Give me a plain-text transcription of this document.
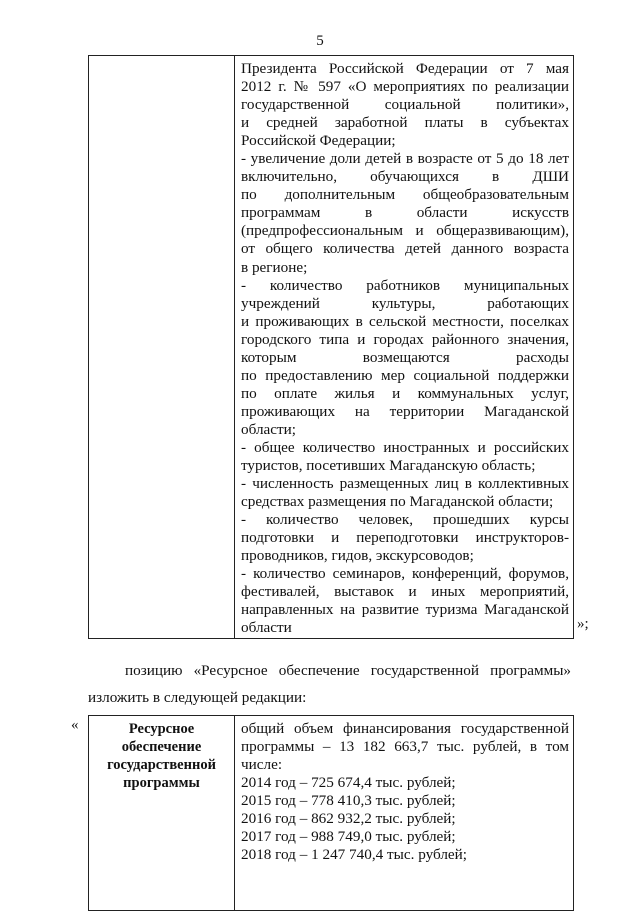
5

Президента Российской Федерации от 7 мая
2012 г. № 597 «О мероприятиях по реализации
государственной социальной политики»,
и средней заработной платы в субъектах
Российской Федерации;
- увеличение доли детей в возрасте от 5 до 18 лет
включительно, обучающихся в ДШИ
по дополнительным общеобразовательным
программам в области искусств
(предпрофессиональным и общеразвивающим),
от общего количества детей данного возраста
в регионе;
- количество работников муниципальных
учреждений культуры, работающих
и проживающих в сельской местности, поселках
городского типа и городах районного значения,
которым возмещаются расходы
по предоставлению мер социальной поддержки
по оплате жилья и коммунальных услуг,
проживающих на территории Магаданской
области;
- общее количество иностранных и российских
туристов, посетивших Магаданскую область;
- численность размещенных лиц в коллективных
средствах размещения по Магаданской области;
- количество человек, прошедших курсы
подготовки и переподготовки инструкторов-
проводников, гидов, экскурсоводов;
- количество семинаров, конференций, форумов,
фестивалей, выставок и иных мероприятий,
направленных на развитие туризма Магаданской
области	»;
позицию «Ресурсное обеспечение государственной программы»
изложить в следующей редакции:
«	Ресурсное
обеспечение
государственной
программы

общий объем финансирования государственной
программы – 13 182 663,7 тыс. рублей, в том
числе:
2014 год – 725 674,4 тыс. рублей;
2015 год – 778 410,3 тыс. рублей;
2016 год – 862 932,2 тыс. рублей;
2017 год – 988 749,0 тыс. рублей;
2018 год – 1 247 740,4 тыс. рублей;
